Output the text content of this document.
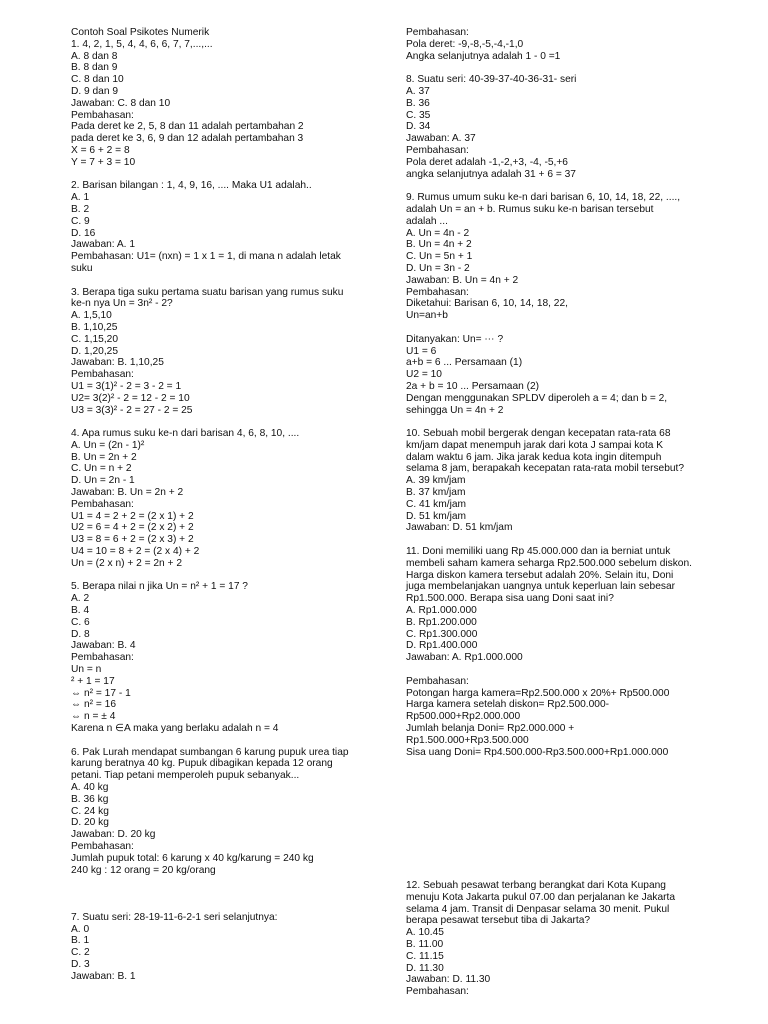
Contoh Soal Psikotes Numerik
1. 4, 2, 1, 5, 4, 4, 6, 6, 7, 7,...,...
A. 8 dan 8
B. 8 dan 9
C. 8 dan 10
D. 9 dan 9
Jawaban: C. 8 dan 10
Pembahasan:
Pada deret ke 2, 5, 8 dan 11 adalah pertambahan 2
pada deret ke 3, 6, 9 dan 12 adalah pertambahan 3
X = 6 + 2 = 8
Y = 7 + 3 = 10
2. Barisan bilangan : 1, 4, 9, 16, .... Maka U1 adalah..
A. 1
B. 2
C. 9
D. 16
Jawaban: A. 1
Pembahasan: U1= (nxn) = 1 x 1 = 1, di mana n adalah letak
suku
3. Berapa tiga suku pertama suatu barisan yang rumus suku
ke-n nya Un = 3n² - 2?
A. 1,5,10
B. 1,10,25
C. 1,15,20
D. 1,20,25
Jawaban: B. 1,10,25
Pembahasan:
U1 = 3(1)² - 2 = 3 - 2 = 1
U2= 3(2)² - 2 = 12 - 2 = 10
U3 = 3(3)² - 2 = 27 - 2 = 25
4. Apa rumus suku ke-n dari barisan 4, 6, 8, 10, ....
A. Un = (2n - 1)²
B. Un = 2n + 2
C. Un = n + 2
D. Un = 2n - 1
Jawaban: B. Un = 2n + 2
Pembahasan:
U1 = 4 = 2 + 2 = (2 x 1) + 2
U2 = 6 = 4 + 2 = (2 x 2) + 2
U3 = 8 = 6 + 2 = (2 x 3) + 2
U4 = 10 = 8 + 2 = (2 x 4) + 2
Un = (2 x n) + 2 = 2n + 2
5. Berapa nilai n jika Un = n² + 1 = 17 ?
A. 2
B. 4
C. 6
D. 8
Jawaban: B. 4
Pembahasan:
Un = n
² + 1 = 17
⇔ n² = 17 - 1
⇔ n² = 16
⇔ n = ± 4
Karena n ∈A maka yang berlaku adalah n = 4
6. Pak Lurah mendapat sumbangan 6 karung pupuk urea tiap
karung beratnya 40 kg. Pupuk dibagikan kepada 12 orang
petani. Tiap petani memperoleh pupuk sebanyak...
A. 40 kg
B. 36 kg
C. 24 kg
D. 20 kg
Jawaban: D. 20 kg
Pembahasan:
Jumlah pupuk total: 6 karung x 40 kg/karung = 240 kg
240 kg : 12 orang = 20 kg/orang
7. Suatu seri: 28-19-11-6-2-1 seri selanjutnya:
A. 0
B. 1
C. 2
D. 3
Jawaban: B. 1
Pembahasan:
Pola deret: -9,-8,-5,-4,-1,0
Angka selanjutnya adalah 1 - 0 =1
8. Suatu seri: 40-39-37-40-36-31- seri
A. 37
B. 36
C. 35
D. 34
Jawaban: A. 37
Pembahasan:
Pola deret adalah -1,-2,+3, -4, -5,+6
angka selanjutnya adalah 31 + 6 = 37
9. Rumus umum suku ke-n dari barisan 6, 10, 14, 18, 22, ....,
adalah Un = an + b. Rumus suku ke-n barisan tersebut
adalah ...
A. Un = 4n - 2
B. Un = 4n + 2
C. Un = 5n + 1
D. Un = 3n - 2
Jawaban: B. Un = 4n + 2
Pembahasan:
Diketahui: Barisan 6, 10, 14, 18, 22,
Un=an+b
Ditanyakan: Un= ⋯ ?
U1 = 6
a+b = 6 ... Persamaan (1)
U2 = 10
2a + b = 10 ... Persamaan (2)
Dengan menggunakan SPLDV diperoleh a = 4; dan b = 2,
sehingga Un = 4n + 2
10. Sebuah mobil bergerak dengan kecepatan rata-rata 68
km/jam dapat menempuh jarak dari kota J sampai kota K
dalam waktu 6 jam. Jika jarak kedua kota ingin ditempuh
selama 8 jam, berapakah kecepatan rata-rata mobil tersebut?
A. 39 km/jam
B. 37 km/jam
C. 41 km/jam
D. 51 km/jam
Jawaban: D. 51 km/jam
11. Doni memiliki uang Rp 45.000.000 dan ia berniat untuk
membeli saham kamera seharga Rp2.500.000 sebelum diskon.
Harga diskon kamera tersebut adalah 20%. Selain itu, Doni
juga membelanjakan uangnya untuk keperluan lain sebesar
Rp1.500.000. Berapa sisa uang Doni saat ini?
A. Rp1.000.000
B. Rp1.200.000
C. Rp1.300.000
D. Rp1.400.000
Jawaban: A. Rp1.000.000
Pembahasan:
Potongan harga kamera=Rp2.500.000 x 20%+ Rp500.000
Harga kamera setelah diskon= Rp2.500.000-
Rp500.000+Rp2.000.000
Jumlah belanja Doni= Rp2.000.000 +
Rp1.500.000+Rp3.500.000
Sisa uang Doni= Rp4.500.000-Rp3.500.000+Rp1.000.000
12. Sebuah pesawat terbang berangkat dari Kota Kupang
menuju Kota Jakarta pukul 07.00 dan perjalanan ke Jakarta
selama 4 jam. Transit di Denpasar selama 30 menit. Pukul
berapa pesawat tersebut tiba di Jakarta?
A. 10.45
B. 11.00
C. 11.15
D. 11.30
Jawaban: D. 11.30
Pembahasan:
